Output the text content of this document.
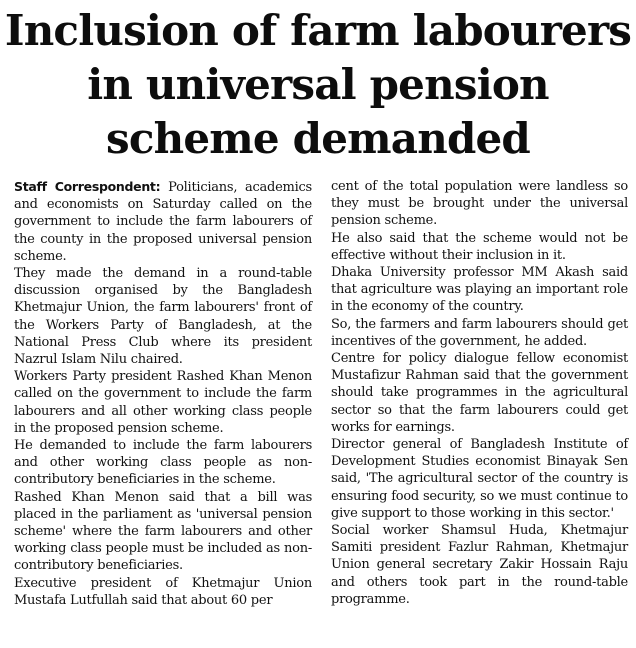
Inclusion of farm labourers
in universal pension
scheme demanded

Staff Correspondent: Politicians, academics and economists on Saturday called on the government to include the farm labourers of the county in the proposed universal pension scheme.

They made the demand in a round-table discussion organised by the Bangladesh Khetmajur Union, the farm labourers' front of the Workers Party of Bangladesh, at the National Press Club where its president Nazrul Islam Nilu chaired.

Workers Party president Rashed Khan Menon called on the government to include the farm labourers and all other working class people in the proposed pension scheme.

He demanded to include the farm labourers and other working class people as non-contributory beneficiaries in the scheme.

Rashed Khan Menon said that a bill was placed in the parliament as 'universal pension scheme' where the farm labourers and other working class people must be included as non-contributory beneficiaries.

Executive president of Khetmajur Union Mustafa Lutfullah said that about 60 per

cent of the total population were landless so they must be brought under the universal pension scheme.

He also said that the scheme would not be effective without their inclusion in it.

Dhaka University professor MM Akash said that agriculture was playing an important role in the economy of the country.

So, the farmers and farm labourers should get incentives of the government, he added.

Centre for policy dialogue fellow economist Mustafizur Rahman said that the government should take programmes in the agricultural sector so that the farm labourers could get works for earnings.

Director general of Bangladesh Institute of Development Studies economist Binayak Sen said, 'The agricultural sector of the country is ensuring food security, so we must continue to give support to those working in this sector.'

Social worker Shamsul Huda, Khetmajur Samiti president Fazlur Rahman, Khetmajur Union general secretary Zakir Hossain Raju and others took part in the round-table programme.
